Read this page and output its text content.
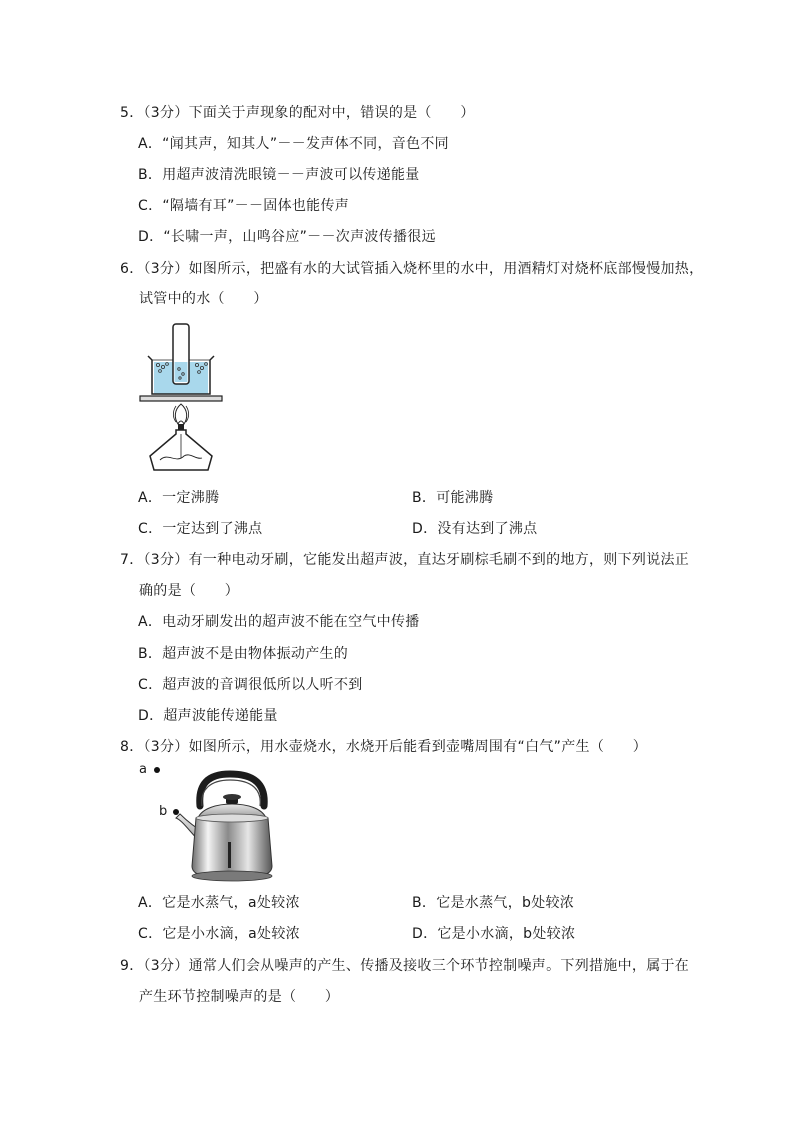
5．（3分）下面关于声现象的配对中，错误的是（　　）
A．“闻其声，知其人”－－发声体不同，音色不同
B．用超声波清洗眼镜－－声波可以传递能量
C．“隔墙有耳”－－固体也能传声
D．“长啸一声，山鸣谷应”－－次声波传播很远
6．（3分）如图所示，把盛有水的大试管插入烧杯里的水中，用酒精灯对烧杯底部慢慢加热，
试管中的水（　　）
A．一定沸腾	B．可能沸腾
C．一定达到了沸点	D．没有达到了沸点
7．（3分）有一种电动牙刷，它能发出超声波，直达牙刷棕毛刷不到的地方，则下列说法正
确的是（　　）
A．电动牙刷发出的超声波不能在空气中传播
B．超声波不是由物体振动产生的
C．超声波的音调很低所以人听不到
D．超声波能传递能量
8．（3分）如图所示，用水壶烧水，水烧开后能看到壶嘴周围有“白气”产生（　　）
a
b
A．它是水蒸气，a处较浓	B．它是水蒸气，b处较浓
C．它是小水滴，a处较浓	D．它是小水滴，b处较浓
9．（3分）通常人们会从噪声的产生、传播及接收三个环节控制噪声。下列措施中，属于在
产生环节控制噪声的是（　　）
